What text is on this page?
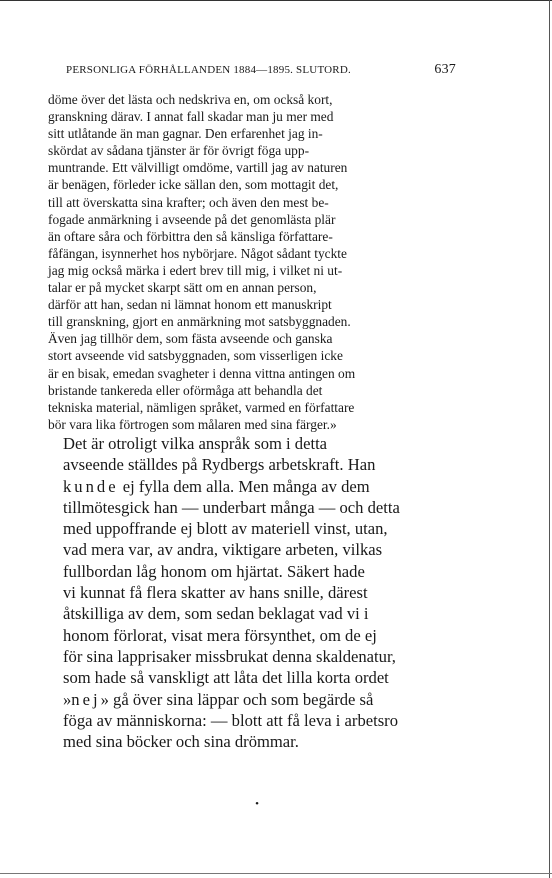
PERSONLIGA FÖRHÅLLANDEN 1884—1895. SLUTORD.	637

döme över det lästa och nedskriva en, om också kort,
granskning därav. I annat fall skadar man ju mer med
sitt utlåtande än man gagnar. Den erfarenhet jag in-
skördat av sådana tjänster är för övrigt föga upp-
muntrande. Ett välvilligt omdöme, vartill jag av naturen
är benägen, förleder icke sällan den, som mottagit det,
till att överskatta sina krafter; och även den mest be-
fogade anmärkning i avseende på det genomlästa plär
än oftare såra och förbittra den så känsliga författare-
fåfängan, isynnerhet hos nybörjare. Något sådant tyckte
jag mig också märka i edert brev till mig, i vilket ni ut-
talar er på mycket skarpt sätt om en annan person,
därför att han, sedan ni lämnat honom ett manuskript
till granskning, gjort en anmärkning mot satsbyggnaden.
Även jag tillhör dem, som fästa avseende och ganska
stort avseende vid satsbyggnaden, som visserligen icke
är en bisak, emedan svagheter i denna vittna antingen om
bristande tankereda eller oförmåga att behandla det
tekniska material, nämligen språket, varmed en författare
bör vara lika förtrogen som målaren med sina färger.»

Det är otroligt vilka anspråk som i detta
avseende ställdes på Rydbergs arbetskraft. Han
kunde ej fylla dem alla. Men många av dem
tillmötesgick han — underbart många — och detta
med uppoffrande ej blott av materiell vinst, utan,
vad mera var, av andra, viktigare arbeten, vilkas
fullbordan låg honom om hjärtat. Säkert hade
vi kunnat få flera skatter av hans snille, därest
åtskilliga av dem, som sedan beklagat vad vi i
honom förlorat, visat mera försynthet, om de ej
för sina lapprisaker missbrukat denna skaldenatur,
som hade så vanskligt att låta det lilla korta ordet
»nej» gå över sina läppar och som begärde så
föga av människorna: — blott att få leva i arbetsro
med sina böcker och sina drömmar.

•
